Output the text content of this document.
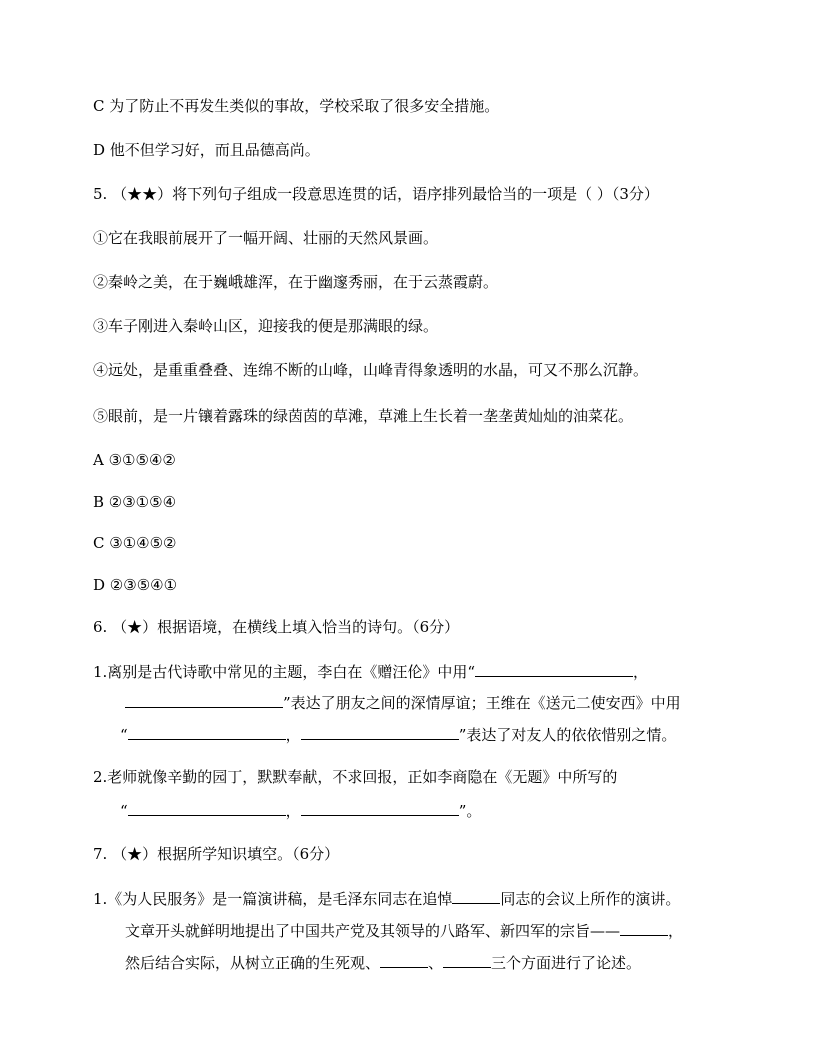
C 为了防止不再发生类似的事故，学校采取了很多安全措施。
D 他不但学习好，而且品德高尚。
5. （★★）将下列句子组成一段意思连贯的话，语序排列最恰当的一项是（ ）（3分）
①它在我眼前展开了一幅开阔、壮丽的天然风景画。
②秦岭之美，在于巍峨雄浑，在于幽邃秀丽，在于云蒸霞蔚。
③车子刚进入秦岭山区，迎接我的便是那满眼的绿。
④远处，是重重叠叠、连绵不断的山峰，山峰青得象透明的水晶，可又不那么沉静。
⑤眼前，是一片镶着露珠的绿茵茵的草滩，草滩上生长着一垄垄黄灿灿的油菜花。
A ③①⑤④②
B ②③①⑤④
C ③①④⑤②
D ②③⑤④①
6. （★）根据语境，在横线上填入恰当的诗句。（6分）
1.离别是古代诗歌中常见的主题，李白在《赠汪伦》中用“	，
”表达了朋友之间的深情厚谊；王维在《送元二使安西》中用
“	，	”表达了对友人的依依惜别之情。
2.老师就像辛勤的园丁，默默奉献，不求回报，正如李商隐在《无题》中所写的
“	，	”。
7. （★）根据所学知识填空。（6分）
1.《为人民服务》是一篇演讲稿，是毛泽东同志在追悼	同志的会议上所作的演讲。
文章开头就鲜明地提出了中国共产党及其领导的八路军、新四军的宗旨——	，
然后结合实际，从树立正确的生死观、	、	三个方面进行了论述。
